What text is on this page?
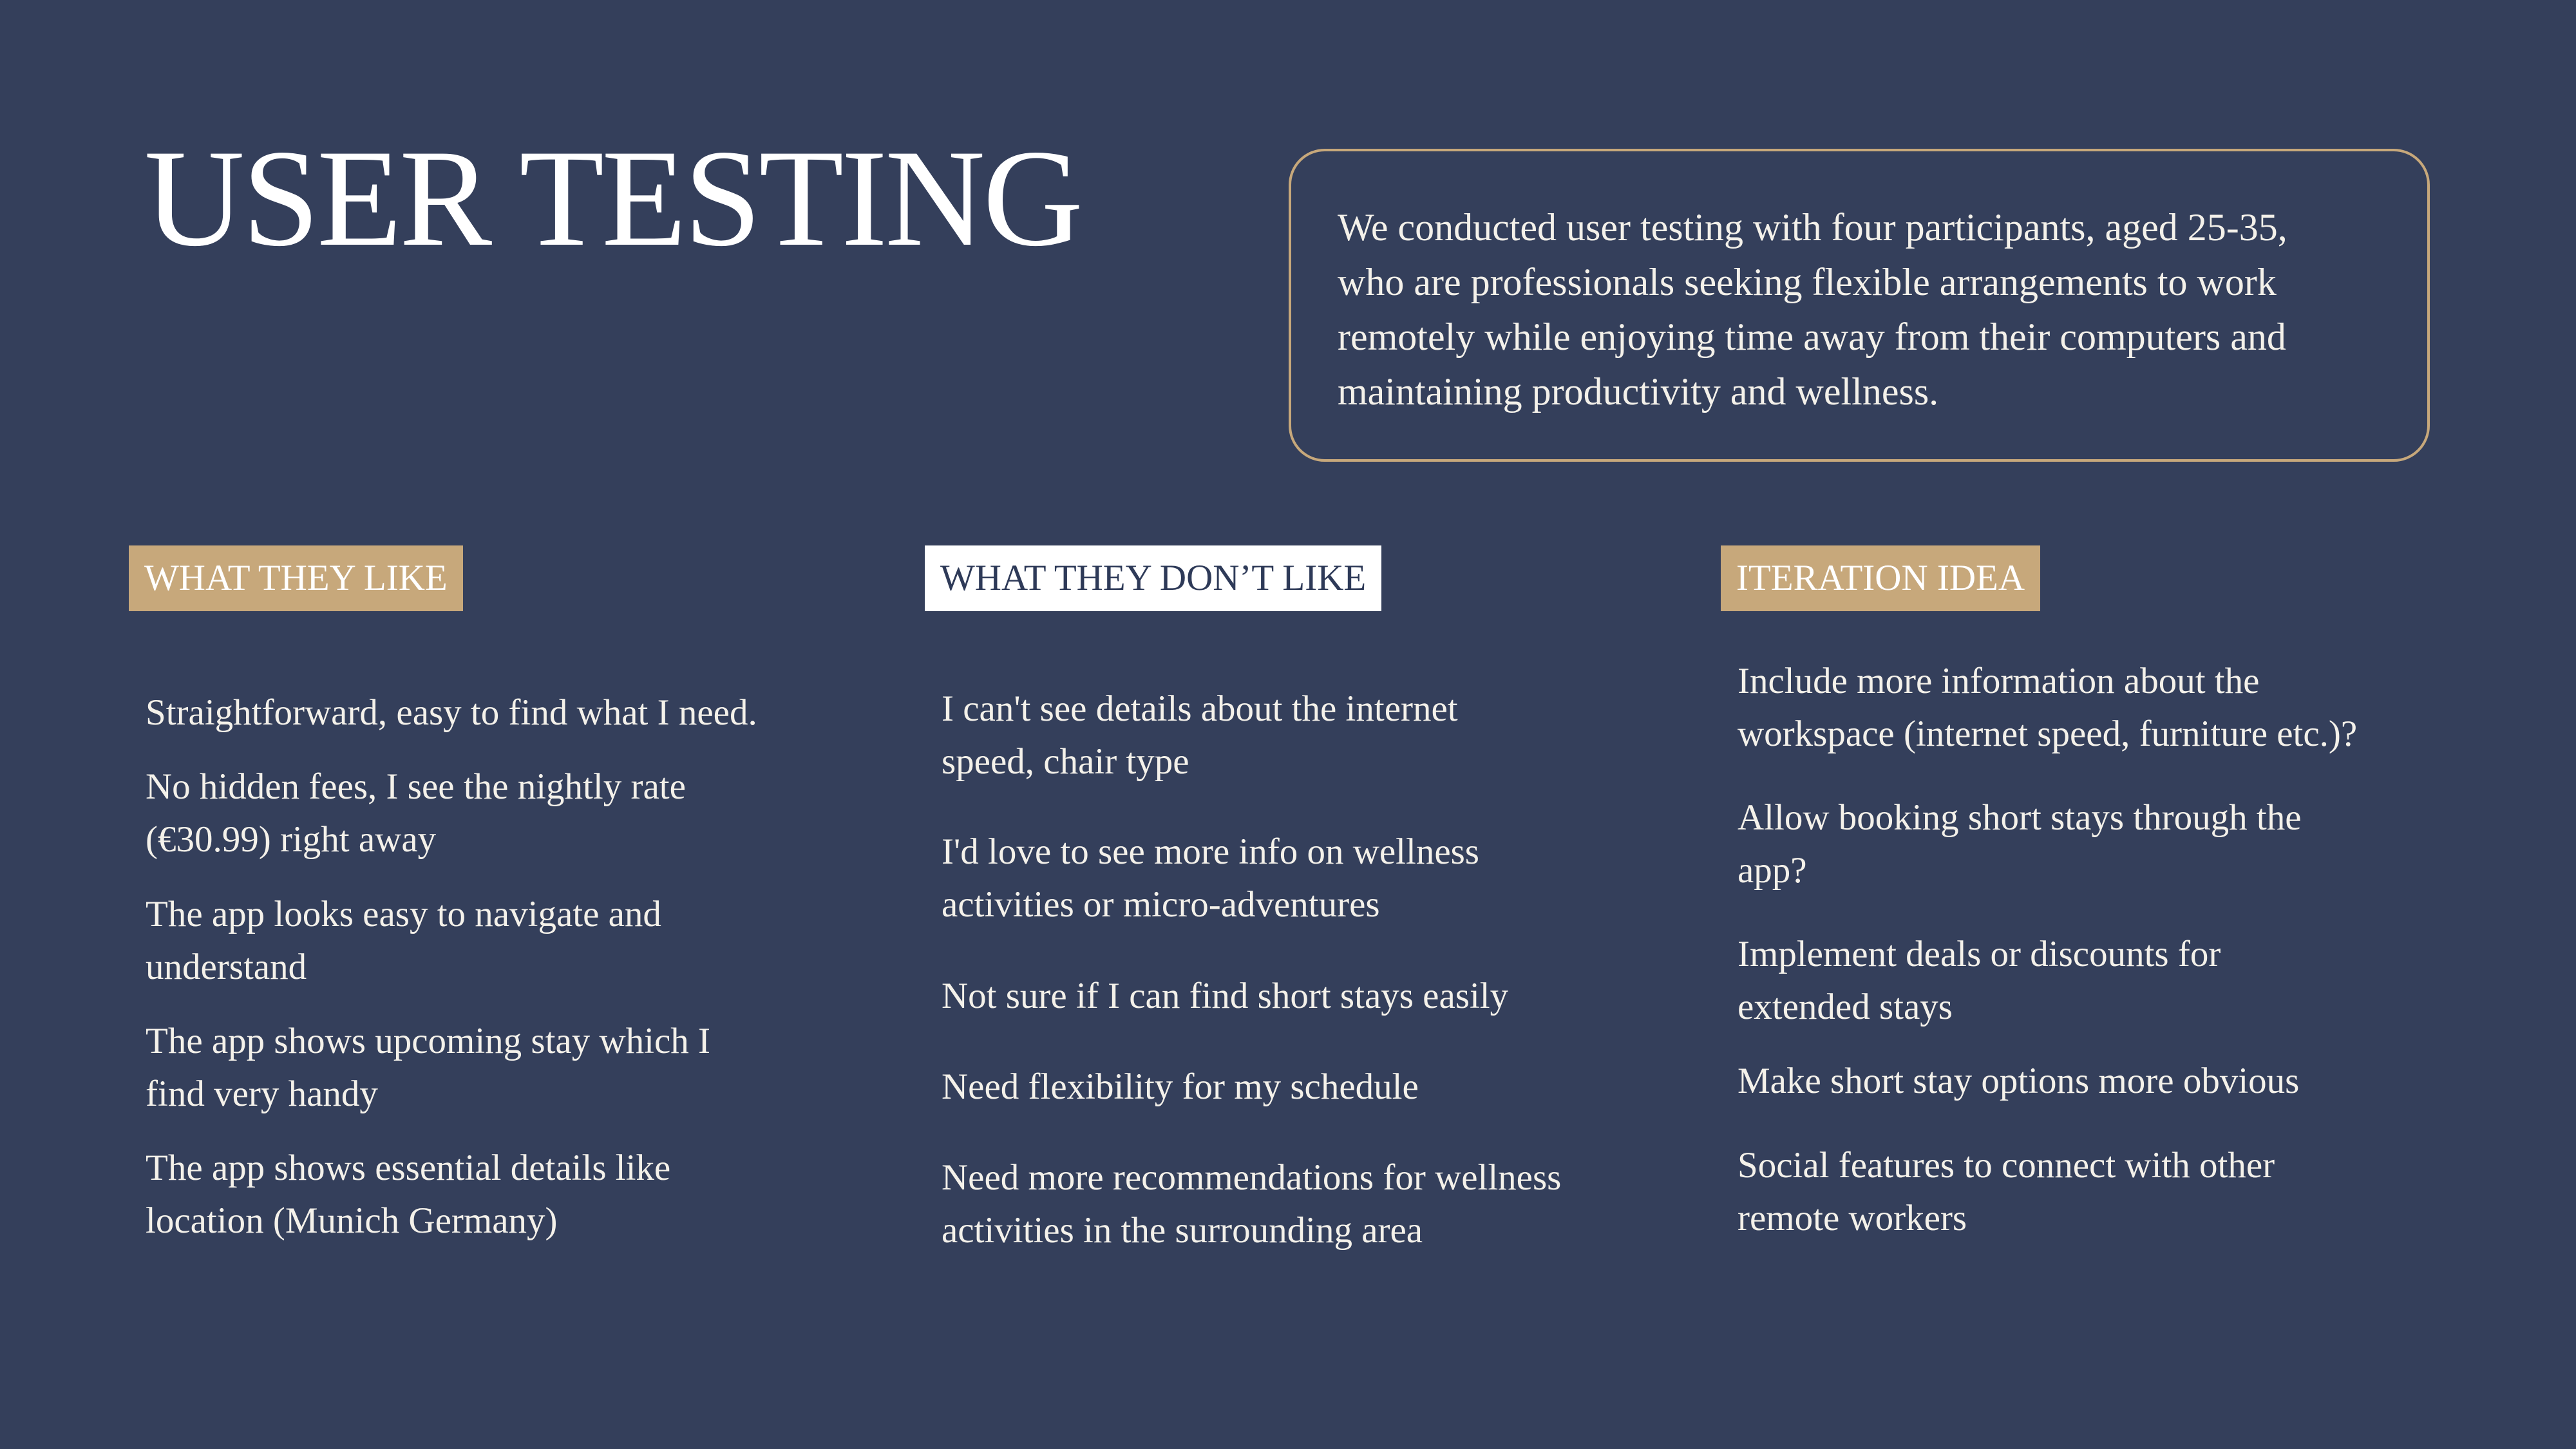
USER TESTING	We conducted user testing with four participants, aged 25-35,
who are professionals seeking flexible arrangements to work
remotely while enjoying time away from their computers and
maintaining productivity and wellness.

WHAT THEY LIKE

Straightforward, easy to find what I need.

No hidden fees, I see the nightly rate
(€30.99) right away

The app looks easy to navigate and
understand

The app shows upcoming stay which I
find very handy

The app shows essential details like
location (Munich Germany)

WHAT THEY DON’T LIKE

I can't see details about the internet
speed, chair type

I'd love to see more info on wellness
activities or micro-adventures

Not sure if I can find short stays easily

Need flexibility for my schedule

Need more recommendations for wellness
activities in the surrounding area

ITERATION IDEA

Include more information about the
workspace (internet speed, furniture etc.)?

Allow booking short stays through the
app?

Implement deals or discounts for
extended stays

Make short stay options more obvious

Social features to connect with other
remote workers
